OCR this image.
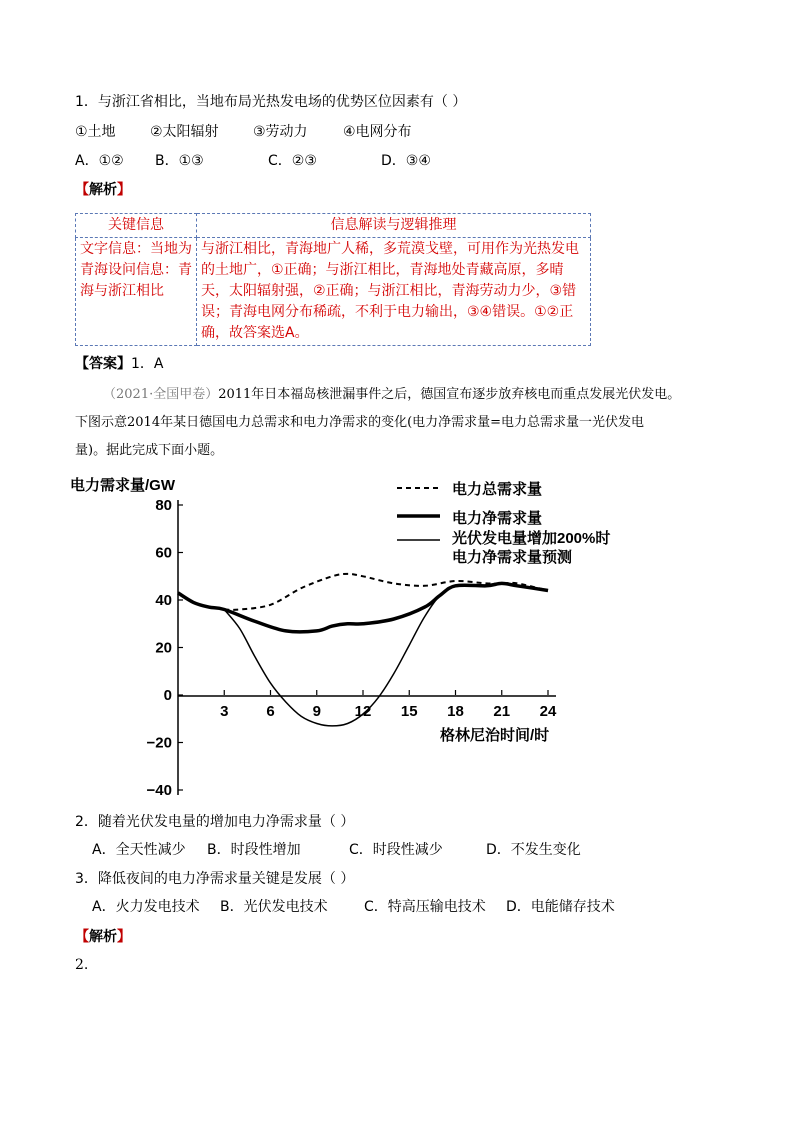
1．与浙江省相比，当地布局光热发电场的优势区位因素有（ ）
①土地 ②太阳辐射 ③劳动力	④电网分布
A．①② B．①③	C．②③	D．③④
【解析】
关键信息	信息解读与逻辑推理
文字信息：当地为青海设问信息：青海与浙江相比	与浙江相比，青海地广人稀，多荒漠戈壁，可用作为光热发电的土地广，①正确；与浙江相比，青海地处青藏高原，多晴天，太阳辐射强，②正确；与浙江相比，青海劳动力少，③错误；青海电网分布稀疏，不利于电力输出，③④错误。①②正确，故答案选A。
【答案】1．A
（2021·全国甲卷）2011年日本福岛核泄漏事件之后，德国宣布逐步放弃核电而重点发展光伏发电。
下图示意2014年某日德国电力总需求和电力净需求的变化(电力净需求量=电力总需求量一光伏发电
量)。据此完成下面小题。
电力需求量/GW
80
60
40
20
0
−20
−40
3	6	9 12 15 18 21 24
格林尼治时间/时
电力总需求量
电力净需求量
光伏发电量增加200%时
电力净需求量预测
2．随着光伏发电量的增加电力净需求量（ ）
A．全天性减少 B．时段性增加	C．时段性减少	D．不发生变化
3．降低夜间的电力净需求量关键是发展（ ）
A．火力发电技术 B．光伏发电技术	C．特高压输电技术 D．电能储存技术
【解析】
2.
